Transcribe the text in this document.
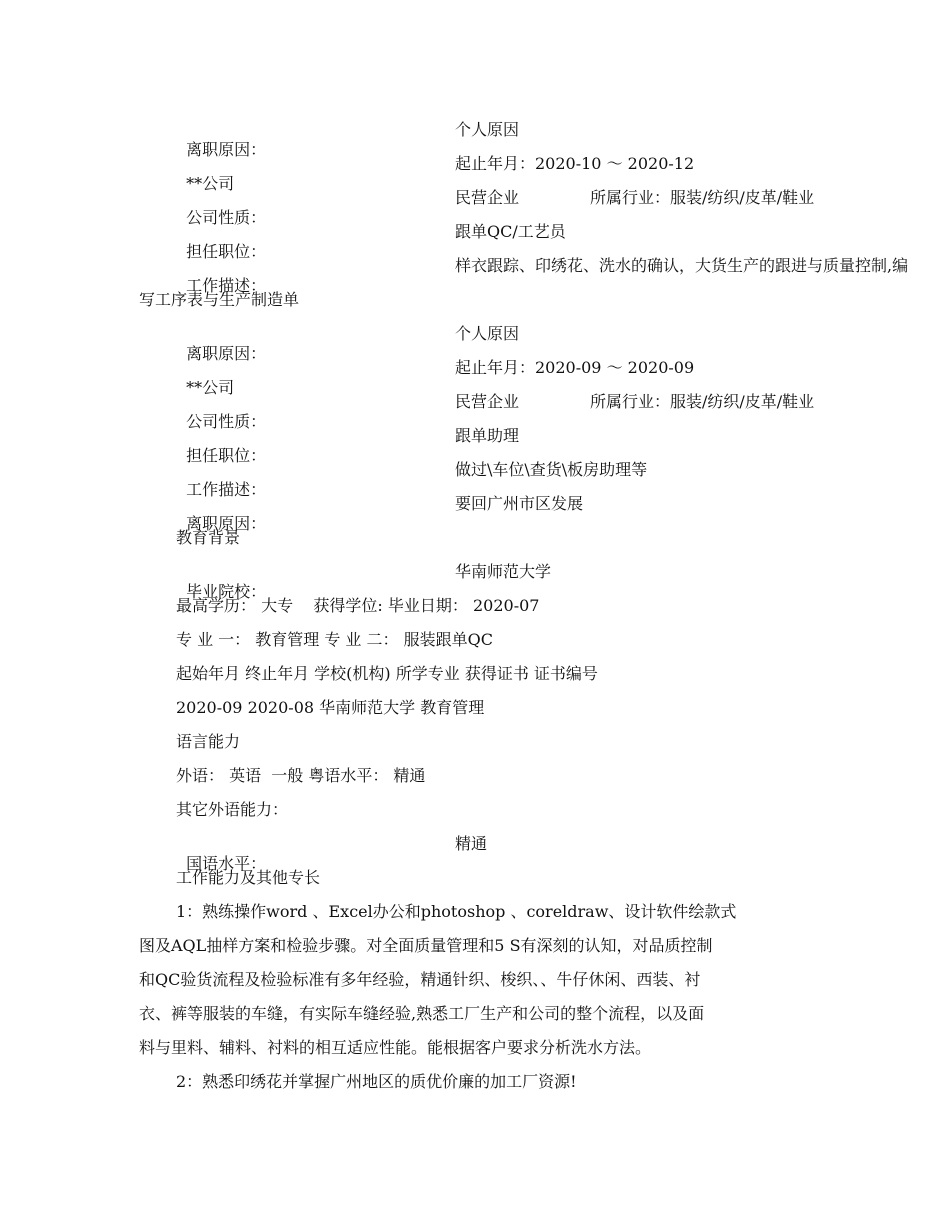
离职原因：

个人原因

**公司

起止年月：2020-10 ～ 2020-12

公司性质：

民营企业

	所属行业：服装/纺织/皮革/鞋业

担任职位：

跟单QC/工艺员

工作描述：

样衣跟踪、印绣花、洗水的确认，大货生产的跟进与质量控制,编

写工序表与生产制造单

离职原因：

个人原因

**公司

起止年月：2020-09 ～ 2020-09

公司性质：

民营企业

	所属行业：服装/纺织/皮革/鞋业

担任职位：

跟单助理

工作描述：

做过\车位\查货\板房助理等

离职原因：

要回广州市区发展

教育背景

毕业院校：

华南师范大学

最高学历： 大专    获得学位: 毕业日期： 2020-07
专 业 一： 教育管理 专 业 二： 服装跟单QC
起始年月 终止年月 学校(机构) 所学专业 获得证书 证书编号
2020-09 2020-08 华南师范大学 教育管理
语言能力
外语： 英语  一般 粤语水平： 精通
其它外语能力：

国语水平：

精通

工作能力及其他专长
1：熟练操作word 、Excel办公和photoshop 、coreldraw、设计软件绘款式
图及AQL抽样方案和检验步骤。对全面质量管理和5 S有深刻的认知，对品质控制
和QC验货流程及检验标准有多年经验，精通针织、梭织、、牛仔休闲、西装、衬
衣、裤等服装的车缝，有实际车缝经验,熟悉工厂生产和公司的整个流程，以及面
料与里料、辅料、衬料的相互适应性能。能根据客户要求分析洗水方法。
2：熟悉印绣花并掌握广州地区的质优价廉的加工厂资源!
